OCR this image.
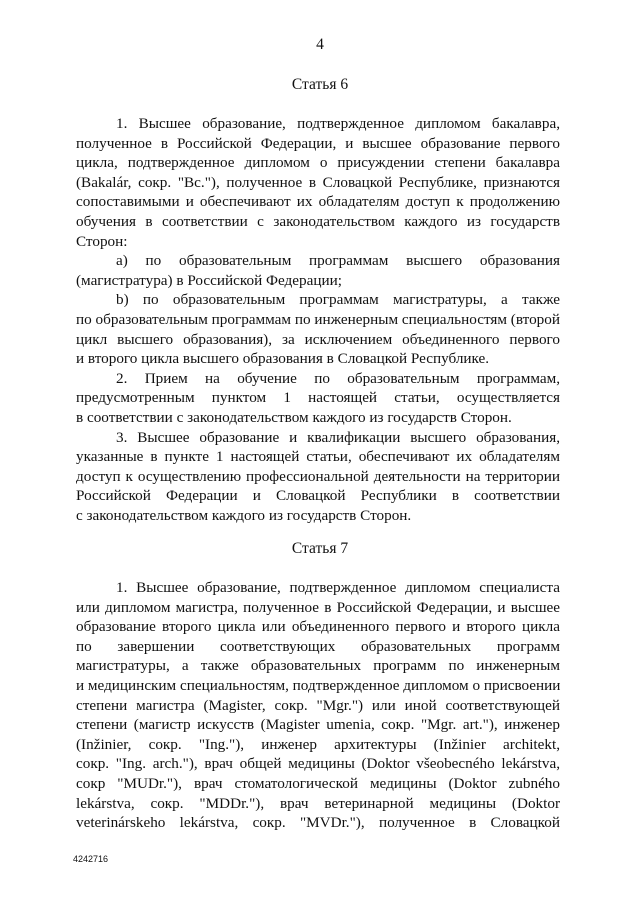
4
Статья 6
1. Высшее образование, подтвержденное дипломом бакалавра,
полученное в Российской Федерации, и высшее образование первого
цикла, подтвержденное дипломом о присуждении степени бакалавра
(Bakalár, сокр. "Bc."), полученное в Словацкой Республике, признаются
сопоставимыми и обеспечивают их обладателям доступ к продолжению
обучения в соответствии с законодательством каждого из государств
Сторон:
а) по образовательным программам высшего образования
(магистратура) в Российской Федерации;
b) по образовательным программам магистратуры, а также
по образовательным программам по инженерным специальностям (второй
цикл высшего образования), за исключением объединенного первого
и второго цикла высшего образования в Словацкой Республике.
2. Прием на обучение по образовательным программам,
предусмотренным пунктом 1 настоящей статьи, осуществляется
в соответствии с законодательством каждого из государств Сторон.
3. Высшее образование и квалификации высшего образования,
указанные в пункте 1 настоящей статьи, обеспечивают их обладателям
доступ к осуществлению профессиональной деятельности на территории
Российской Федерации и Словацкой Республики в соответствии
с законодательством каждого из государств Сторон.
Статья 7
1. Высшее образование, подтвержденное дипломом специалиста
или дипломом магистра, полученное в Российской Федерации, и высшее
образование второго цикла или объединенного первого и второго цикла
по завершении соответствующих образовательных программ
магистратуры, а также образовательных программ по инженерным
и медицинским специальностям, подтвержденное дипломом о присвоении
степени магистра (Magister, сокр. "Mgr.") или иной соответствующей
степени (магистр искусств (Magister umenia, сокр. "Mgr. art."), инженер
(Inžinier, сокр. "Ing."), инженер архитектуры (Inžinier architekt,
сокр. "Ing. arch."), врач общей медицины (Doktor všeobecného lekárstva,
сокр "MUDr."), врач стоматологической медицины (Doktor zubného
lekárstva, сокр. "MDDr."), врач ветеринарной медицины (Doktor
veterinárskeho lekárstva, сокр. "MVDr."), полученное в Словацкой
4242716
